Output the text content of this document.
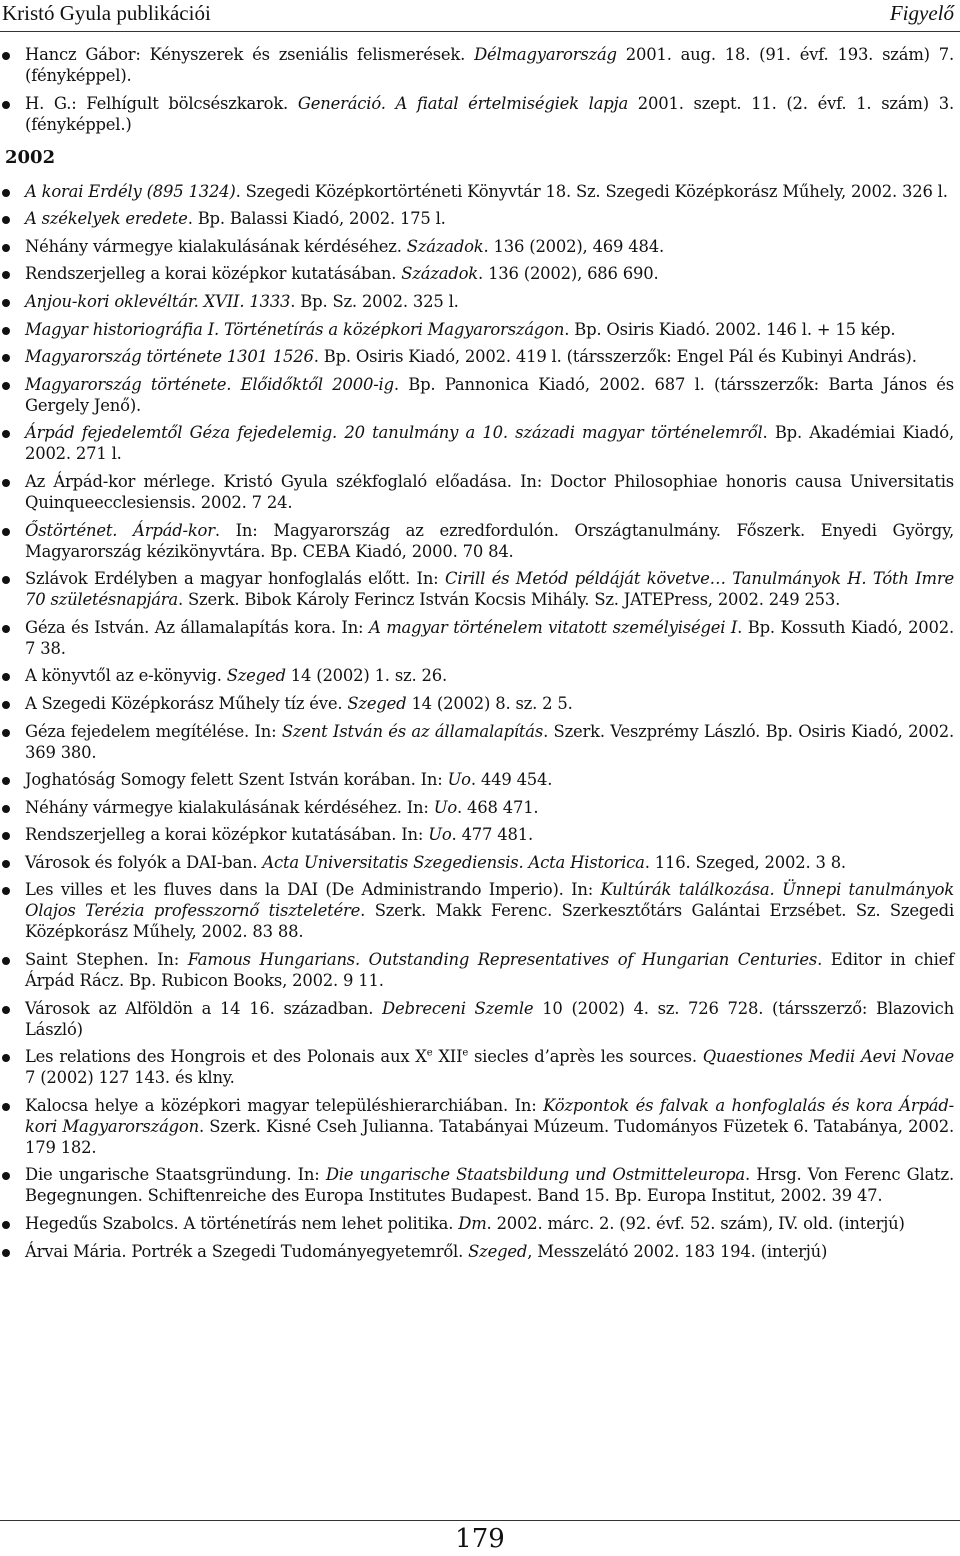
Kristó Gyula publikációi	Figyelő
Hancz Gábor: Kényszerek és zseniális felismerések. Délmagyarország 2001. aug. 18. (91. évf. 193. szám) 7. (fényképpel).
H. G.: Felhígult bölcsészkarok. Generáció. A fiatal értelmiségiek lapja 2001. szept. 11. (2. évf. 1. szám) 3. (fényképpel.)
2002
A korai Erdély (895 1324). Szegedi Középkortörténeti Könyvtár 18. Sz. Szegedi Középkorász Műhely, 2002. 326 l.
A székelyek eredete. Bp. Balassi Kiadó, 2002. 175 l.
Néhány vármegye kialakulásának kérdéséhez. Századok. 136 (2002), 469 484.
Rendszerjelleg a korai középkor kutatásában. Századok. 136 (2002), 686 690.
Anjou-kori oklevéltár. XVII. 1333. Bp. Sz. 2002. 325 l.
Magyar historiográfia I. Történetírás a középkori Magyarországon. Bp. Osiris Kiadó. 2002. 146 l. + 15 kép.
Magyarország története 1301 1526. Bp. Osiris Kiadó, 2002. 419 l. (társszerzők: Engel Pál és Kubinyi András).
Magyarország története. Előidőktől 2000-ig. Bp. Pannonica Kiadó, 2002. 687 l. (társszerzők: Barta János és Gergely Jenő).
Árpád fejedelemtől Géza fejedelemig. 20 tanulmány a 10. századi magyar történelemről. Bp. Akadémiai Kiadó, 2002. 271 l.
Az Árpád-kor mérlege. Kristó Gyula székfoglaló előadása. In: Doctor Philosophiae honoris causa Universitatis Quinqueecclesiensis. 2002. 7 24.
Őstörténet. Árpád-kor. In: Magyarország az ezredfordulón. Országtanulmány. Főszerk. Enyedi György, Magyarország kézikönyvtára. Bp. CEBA Kiadó, 2000. 70 84.
Szlávok Erdélyben a magyar honfoglalás előtt. In: Cirill és Metód példáját követve… Tanulmányok H. Tóth Imre 70 születésnapjára. Szerk. Bibok Károly Ferincz István Kocsis Mihály. Sz. JATEPress, 2002. 249 253.
Géza és István. Az államalapítás kora. In: A magyar történelem vitatott személyiségei I. Bp. Kossuth Kiadó, 2002. 7 38.
A könyvtől az e-könyvig. Szeged 14 (2002) 1. sz. 26.
A Szegedi Középkorász Műhely tíz éve. Szeged 14 (2002) 8. sz. 2 5.
Géza fejedelem megítélése. In: Szent István és az államalapítás. Szerk. Veszprémy László. Bp. Osiris Kiadó, 2002. 369 380.
Joghatóság Somogy felett Szent István korában. In: Uo. 449 454.
Néhány vármegye kialakulásának kérdéséhez. In: Uo. 468 471.
Rendszerjelleg a korai középkor kutatásában. In: Uo. 477 481.
Városok és folyók a DAI-ban. Acta Universitatis Szegediensis. Acta Historica. 116. Szeged, 2002. 3 8.
Les villes et les fluves dans la DAI (De Administrando Imperio). In: Kultúrák találkozása. Ünnepi tanulmányok Olajos Terézia professzornő tiszteletére. Szerk. Makk Ferenc. Szerkesztőtárs Galántai Erzsébet. Sz. Szegedi Középkorász Műhely, 2002. 83 88.
Saint Stephen. In: Famous Hungarians. Outstanding Representatives of Hungarian Centuries. Editor in chief Árpád Rácz. Bp. Rubicon Books, 2002. 9 11.
Városok az Alföldön a 14 16. században. Debreceni Szemle 10 (2002) 4. sz. 726 728. (társszerző: Blazovich László)
Les relations des Hongrois et des Polonais aux Xe XIIe siecles d’après les sources. Quaestiones Medii Aevi Novae 7 (2002) 127 143. és klny.
Kalocsa helye a középkori magyar településhierarchiában. In: Központok és falvak a honfoglalás és kora Árpád-kori Magyarországon. Szerk. Kisné Cseh Julianna. Tatabányai Múzeum. Tudományos Füzetek 6. Tatabánya, 2002. 179 182.
Die ungarische Staatsgründung. In: Die ungarische Staatsbildung und Ostmitteleuropa. Hrsg. Von Ferenc Glatz. Begegnungen. Schiftenreiche des Europa Institutes Budapest. Band 15. Bp. Europa Institut, 2002. 39 47.
Hegedűs Szabolcs. A történetírás nem lehet politika. Dm. 2002. márc. 2. (92. évf. 52. szám), IV. old. (interjú)
Árvai Mária. Portrék a Szegedi Tudományegyetemről. Szeged, Messzelátó 2002. 183 194. (interjú)
179
